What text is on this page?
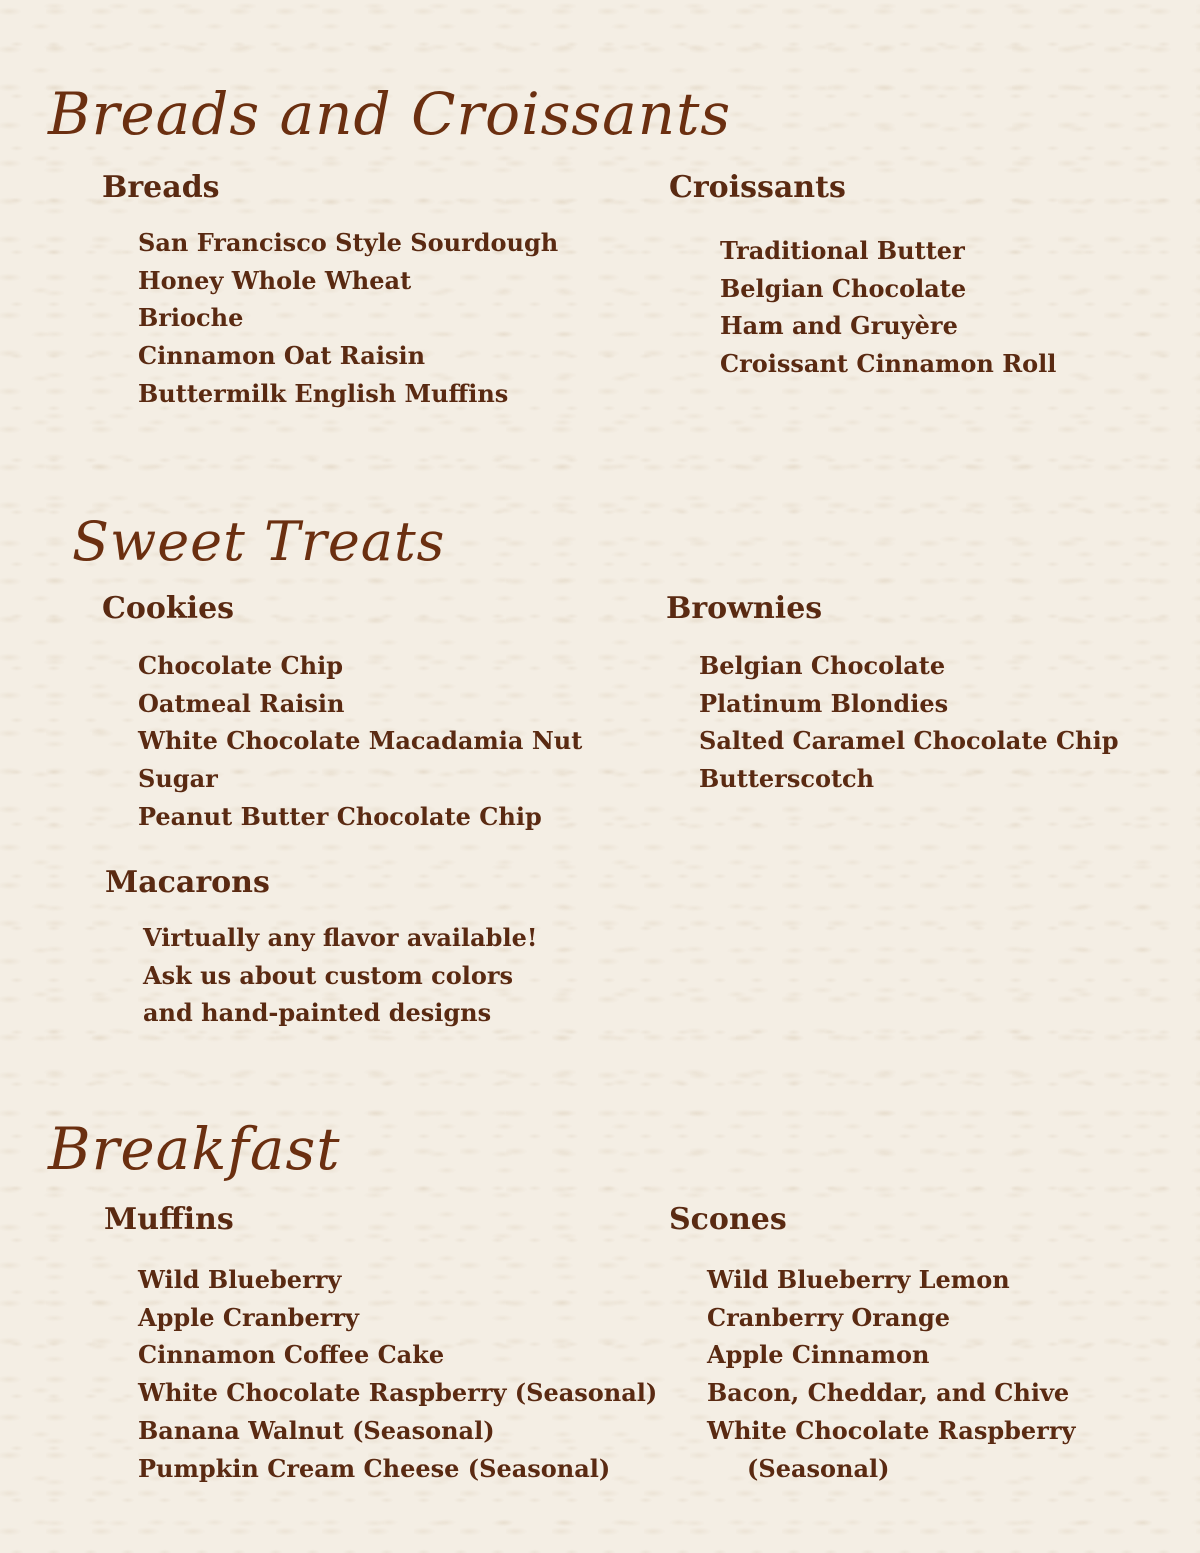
Breads and Croissants
Breads
San Francisco Style Sourdough
Honey Whole Wheat
Brioche
Cinnamon Oat Raisin
Buttermilk English Muffins
Croissants
Traditional Butter
Belgian Chocolate
Ham and Gruyère
Croissant Cinnamon Roll
Sweet Treats
Cookies
Chocolate Chip
Oatmeal Raisin
White Chocolate Macadamia Nut
Sugar
Peanut Butter Chocolate Chip
Brownies
Belgian Chocolate
Platinum Blondies
Salted Caramel Chocolate Chip
Butterscotch
Macarons
Virtually any flavor available!
Ask us about custom colors
and hand-painted designs
Breakfast
Muffins
Wild Blueberry
Apple Cranberry
Cinnamon Coffee Cake
White Chocolate Raspberry (Seasonal)
Banana Walnut (Seasonal)
Pumpkin Cream Cheese (Seasonal)
Scones
Wild Blueberry Lemon
Cranberry Orange
Apple Cinnamon
Bacon, Cheddar, and Chive
White Chocolate Raspberry
(Seasonal)
